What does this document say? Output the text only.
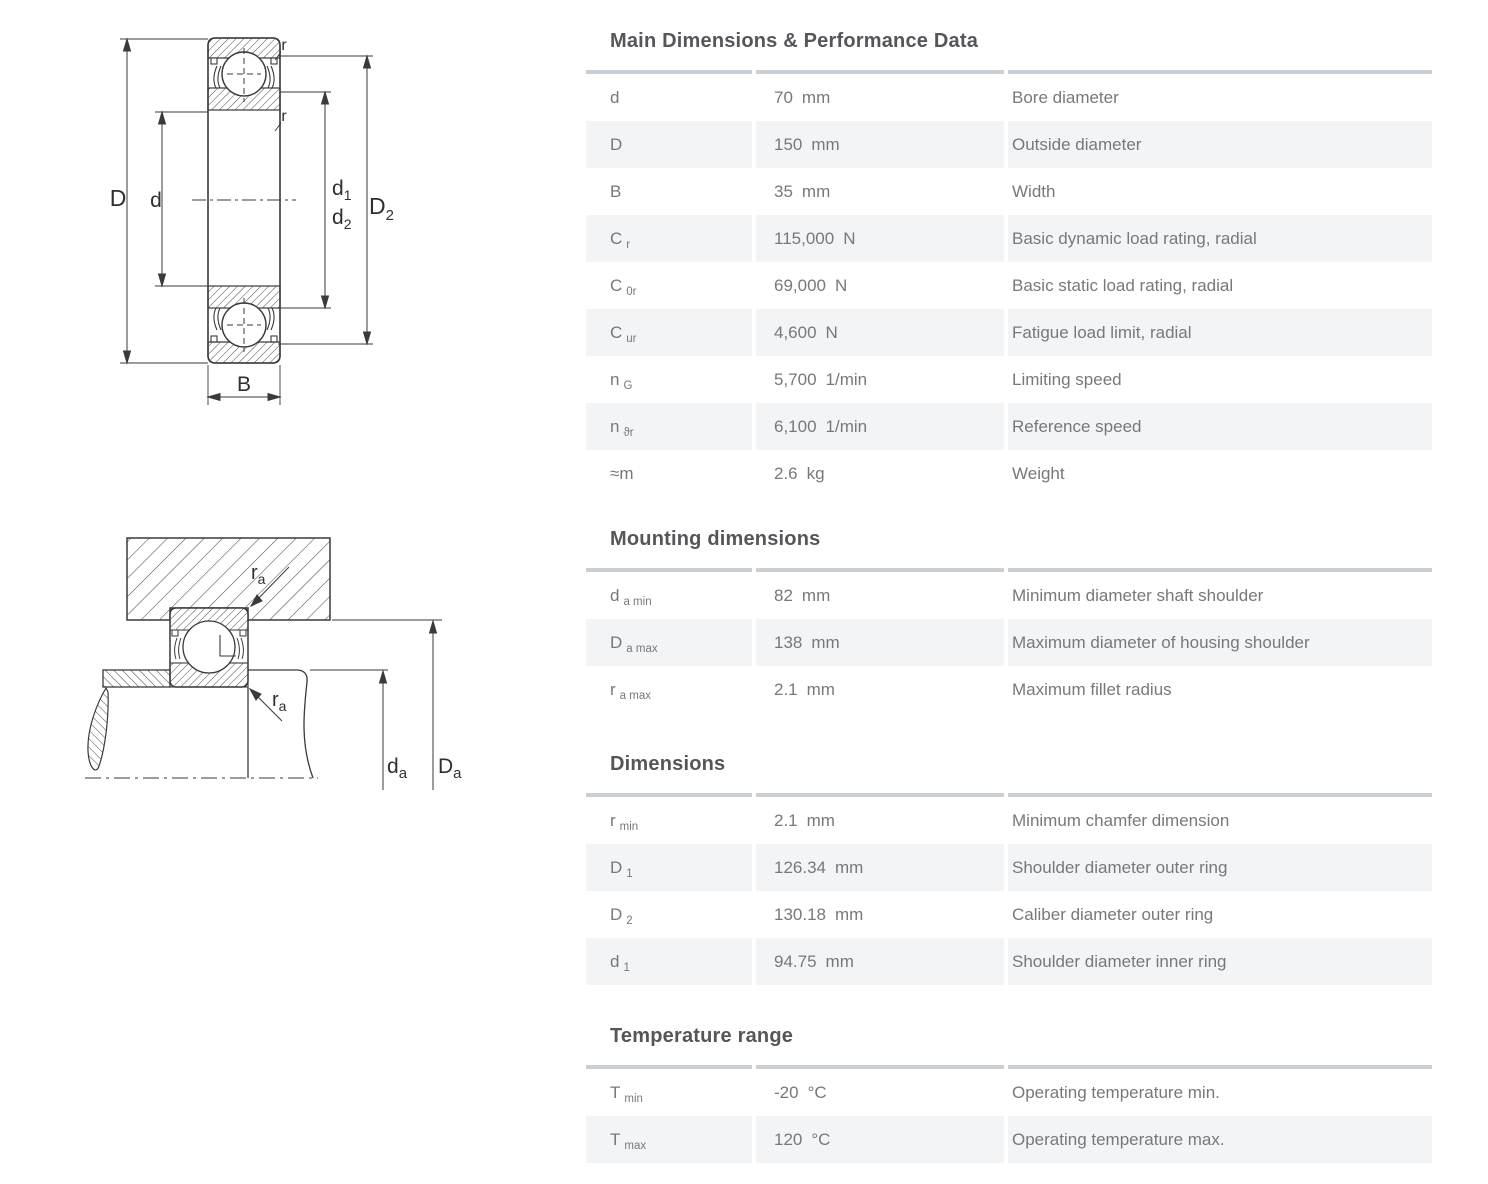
D d
r
r
$d_1$
$d_2$
$D_2$
B
$r_a$
$r_a$
$d_a$ $D_a$
Main Dimensions & Performance Data
d	70 mm	Bore diameter
D	150 mm	Outside diameter
B	35 mm	Width
C $_r$	115,000 N	Basic dynamic load rating, radial
C $_{0r}$	69,000 N	Basic static load rating, radial
C $_{ur}$	4,600 N	Fatigue load limit, radial
n $_G$	5,700 1/min	Limiting speed
n $_{ϑr}$	6,100 1/min	Reference speed
≈m	2.6 kg	Weight
Mounting dimensions
d $_{a min}$	82 mm	Minimum diameter shaft shoulder
D $_{a max}$	138 mm	Maximum diameter of housing shoulder
r $_{a max}$	2.1 mm	Maximum fillet radius
Dimensions
r $_{min}$	2.1 mm	Minimum chamfer dimension
D $_1$	126.34 mm	Shoulder diameter outer ring
D $_2$	130.18 mm	Caliber diameter outer ring
d $_1$	94.75 mm	Shoulder diameter inner ring
Temperature range
T $_{min}$	-20 °C	Operating temperature min.
T $_{max}$	120 °C	Operating temperature max.
